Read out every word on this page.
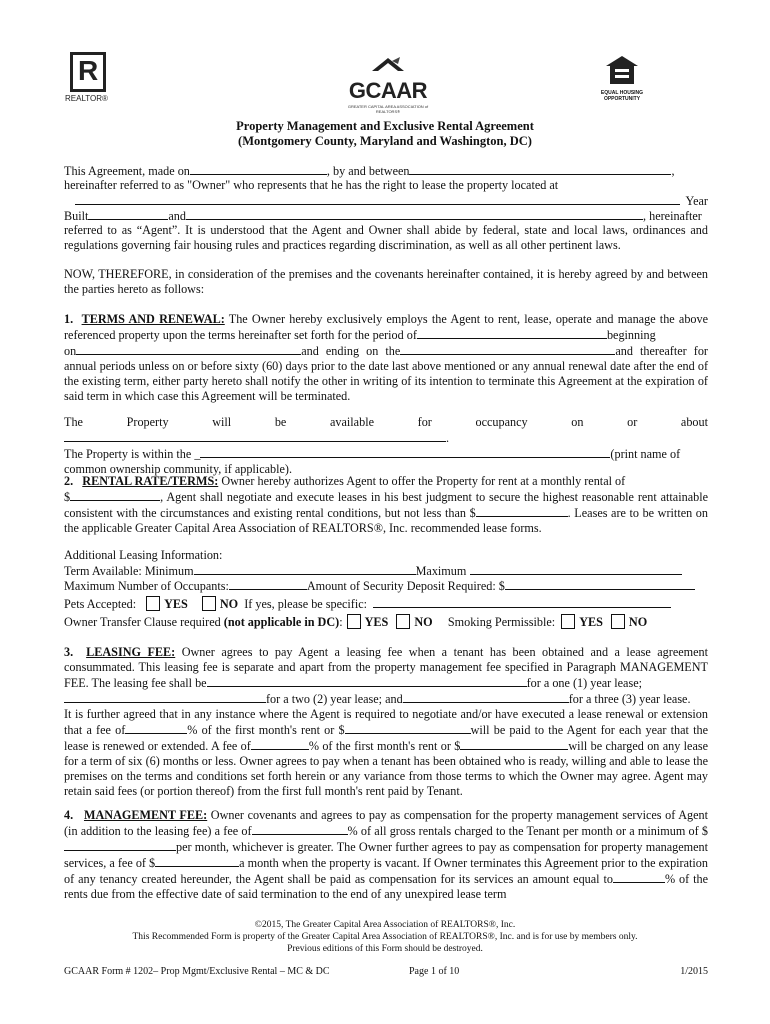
R
REALTOR®	GCAAR
GREATER CAPITAL AREA ASSOCIATION of REALTORS®
EQUAL HOUSING OPPORTUNITY
Property Management and Exclusive Rental Agreement
(Montgomery County, Maryland and Washington, DC)
This Agreement, made on	, by and between	,
hereinafter referred to as "Owner" who represents that he has the right to lease the property located at
Year
Built	and	, hereinafter
referred to as “Agent”. It is understood that the Agent and Owner shall abide by federal, state and local laws, ordinances and regulations governing fair housing rules and practices regarding discrimination, as well as all other pertinent laws.
NOW, THEREFORE, in consideration of the premises and the covenants hereinafter contained, it is hereby agreed by and between the parties hereto as follows:
1. TERMS AND RENEWAL: The Owner hereby exclusively employs the Agent to rent, lease, operate and manage the above referenced property upon the terms hereinafter set forth for the period of	beginning
on	and ending on the	and thereafter for annual periods unless on or before sixty (60) days prior to the date last above mentioned or any annual renewal date after the end of the existing term, either party hereto shall notify the other in writing of its intention to terminate this Agreement at the expiration of said term in which case this Agreement will be terminated.
The Property will be available for occupancy on or about.
The Property is within the _	(print name of
common ownership community, if applicable).
2. RENTAL RATE/TERMS: Owner hereby authorizes Agent to offer the Property for rent at a monthly rental of
$	, Agent shall negotiate and execute leases in his best judgment to secure the highest reasonable rent attainable consistent with the circumstances and existing rental conditions, but not less than $	. Leases are to be written on the applicable Greater Capital Area Association of REALTORS®, Inc. recommended lease forms.
Additional Leasing Information:
Term Available: Minimum	Maximum
Maximum Number of Occupants:	Amount of Security Deposit Required: $
Pets Accepted: YES	NO If yes, please be specific:
Owner Transfer Clause required (not applicable in DC): YES NO Smoking Permissible: YES NO
3. LEASING FEE: Owner agrees to pay Agent a leasing fee when a tenant has been obtained and a lease agreement consummated. This leasing fee is separate and apart from the property management fee specified in Paragraph MANAGEMENT FEE. The leasing fee shall be	for a one (1) year lease;
for a two (2) year lease; and	for a three (3) year lease.
It is further agreed that in any instance where the Agent is required to negotiate and/or have executed a lease renewal or extension that a fee of	% of the first month's rent or $	will be paid to the Agent for each year that the lease is renewed or extended. A fee of	% of the first month's rent or $	will be charged on any lease for a term of six (6) months or less. Owner agrees to pay when a tenant has been obtained who is ready, willing and able to lease the premises on the terms and conditions set forth herein or any variance from those terms to which the Owner may agree. Agent may retain said fees (or portion thereof) from the first full month's rent paid by Tenant.
4. MANAGEMENT FEE: Owner covenants and agrees to pay as compensation for the property management services of Agent (in addition to the leasing fee) a fee of	% of all gross rentals charged to the Tenant per month or a minimum of $per month, whichever is greater. The Owner further agrees to pay as compensation for property management services, a fee of $	a month when the property is vacant. If Owner terminates this Agreement prior to the expiration of any tenancy created hereunder, the Agent shall be paid as compensation for its services an amount equal to	% of the rents due from the effective date of said termination to the end of any unexpired lease term
©2015, The Greater Capital Area Association of REALTORS®, Inc.
This Recommended Form is property of the Greater Capital Area Association of REALTORS®, Inc. and is for use by members only.
Previous editions of this Form should be destroyed.
GCAAR Form # 1202– Prop Mgmt/Exclusive Rental – MC & DC	Page 1 of 10	1/2015
